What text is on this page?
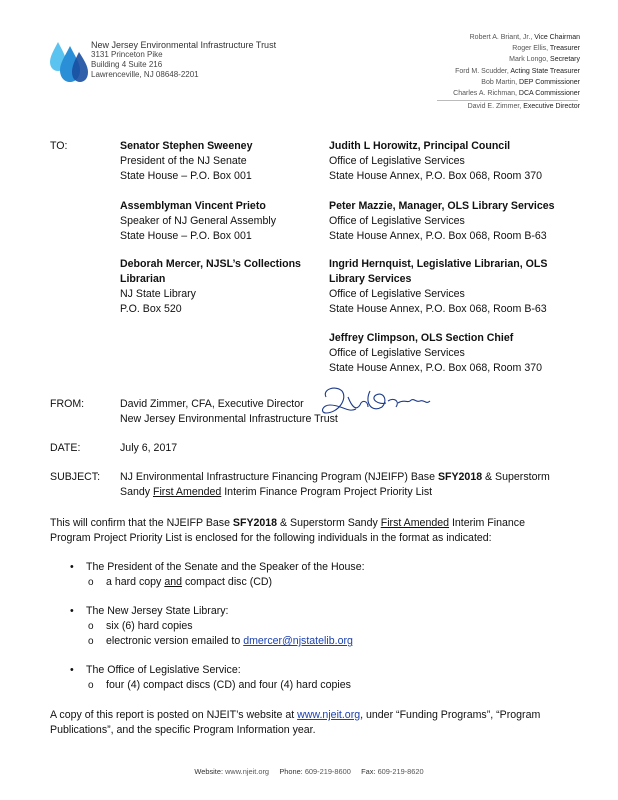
New Jersey Environmental Infrastructure Trust
3131 Princeton Pike
Building 4 Suite 216
Lawrenceville, NJ 08648-2201
Robert A. Briant, Jr., Vice Chairman
Roger Ellis, Treasurer
Mark Longo, Secretary
Ford M. Scudder, Acting State Treasurer
Bob Martin, DEP Commissioner
Charles A. Richman, DCA Commissioner
David E. Zimmer, Executive Director
TO:	Senator Stephen Sweeney
President of the NJ Senate
State House – P.O. Box 001
Assemblyman Vincent Prieto
Speaker of NJ General Assembly
State House – P.O. Box 001
Deborah Mercer, NJSL’s Collections
Librarian
NJ State Library
P.O. Box 520
Judith L Horowitz, Principal Council
Office of Legislative Services
State House Annex, P.O. Box 068, Room 370
Peter Mazzie, Manager, OLS Library Services
Office of Legislative Services
State House Annex, P.O. Box 068, Room B-63
Ingrid Hernquist, Legislative Librarian, OLS
Library Services
Office of Legislative Services
State House Annex, P.O. Box 068, Room B-63
Jeffrey Climpson, OLS Section Chief
Office of Legislative Services
State House Annex, P.O. Box 068, Room 370
FROM:	David Zimmer, CFA, Executive Director
New Jersey Environmental Infrastructure Trust
DATE:	July 6, 2017
SUBJECT: NJ Environmental Infrastructure Financing Program (NJEIFP) Base SFY2018 & Superstorm
Sandy First Amended Interim Finance Program Project Priority List
This will confirm that the NJEIFP Base SFY2018 & Superstorm Sandy First Amended Interim Finance
Program Project Priority List is enclosed for the following individuals in the format as indicated:
• The President of the Senate and the Speaker of the House:
o a hard copy and compact disc (CD)
• The New Jersey State Library:
o six (6) hard copies
o electronic version emailed to dmercer@njstatelib.org
• The Office of Legislative Service:
o four (4) compact discs (CD) and four (4) hard copies
A copy of this report is posted on NJEIT’s website at www.njeit.org, under “Funding Programs”, “Program
Publications”, and the specific Program Information year.
Website: www.njeit.org Phone: 609-219-8600 Fax: 609-219-8620
